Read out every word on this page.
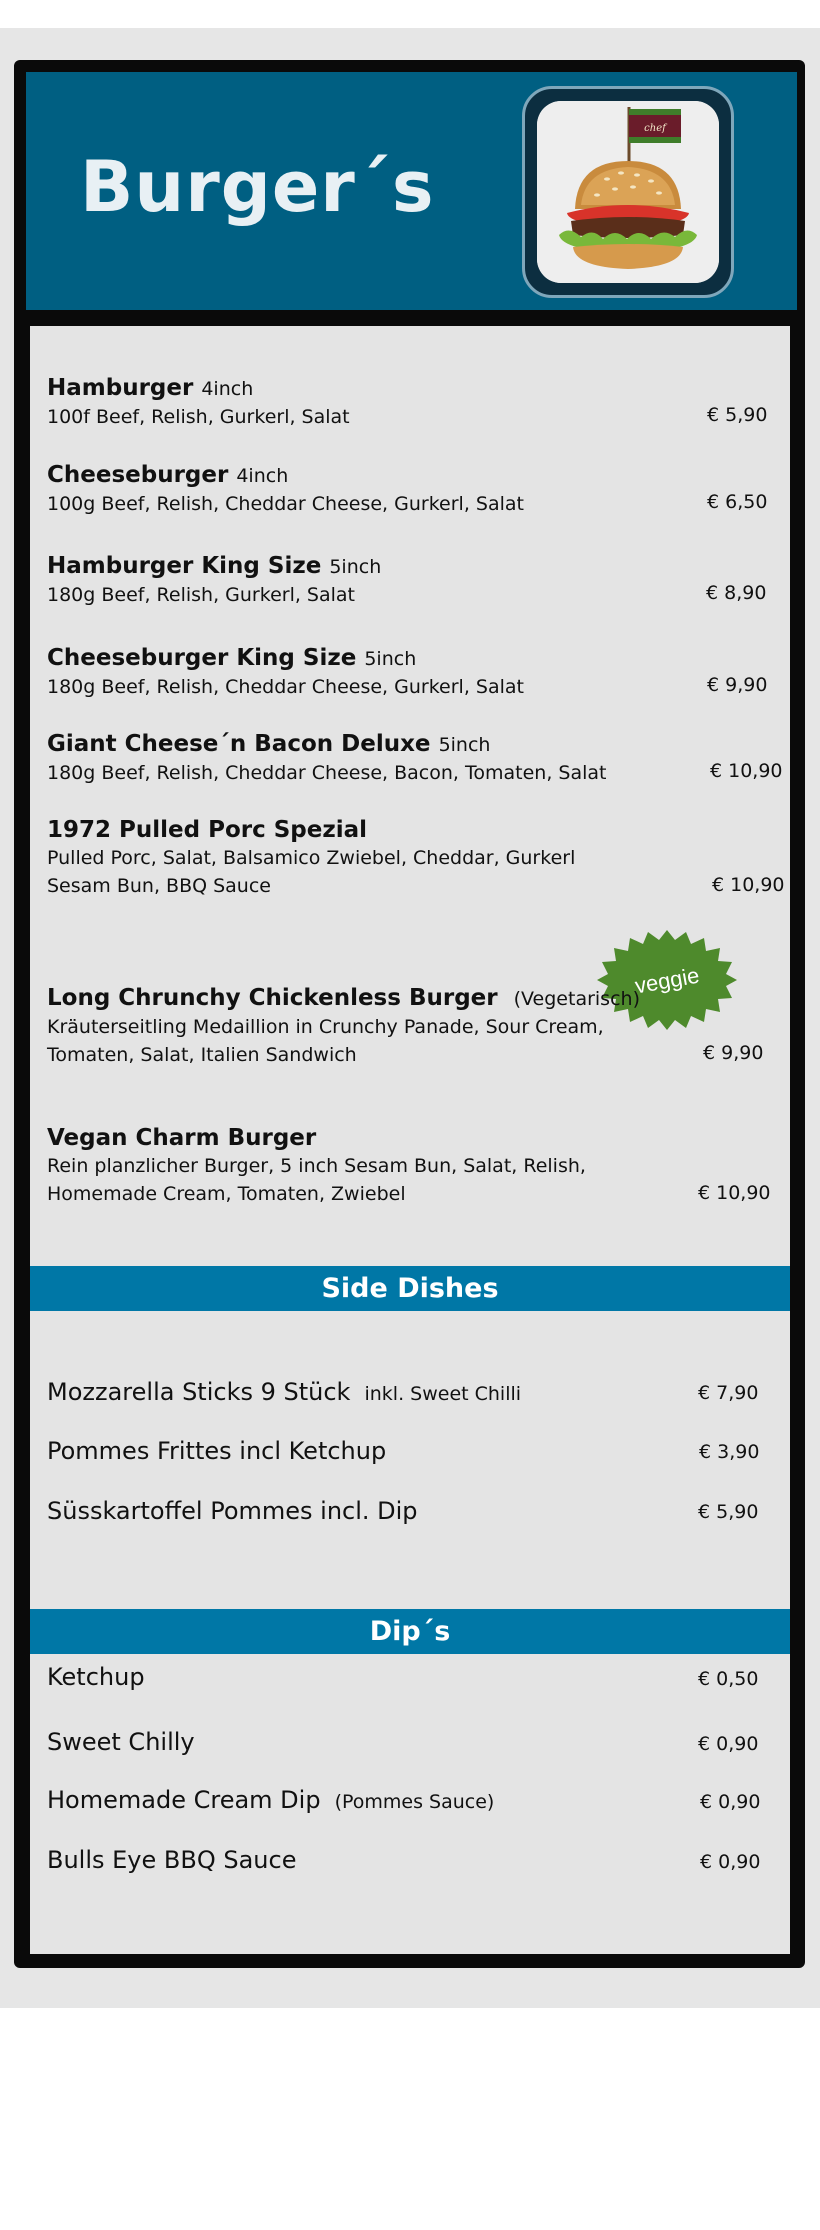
Burger´s
chef
Hamburger 4inch
100f Beef, Relish, Gurkerl, Salat	€ 5,90
Cheeseburger 4inch
100g Beef, Relish, Cheddar Cheese, Gurkerl, Salat	€ 6,50
Hamburger King Size 5inch
180g Beef, Relish, Gurkerl, Salat	€ 8,90
Cheeseburger King Size 5inch
180g Beef, Relish, Cheddar Cheese, Gurkerl, Salat	€ 9,90
Giant Cheese´n Bacon Deluxe 5inch
180g Beef, Relish, Cheddar Cheese, Bacon, Tomaten, Salat	€ 10,90
1972 Pulled Porc Spezial
Pulled Porc, Salat, Balsamico Zwiebel, Cheddar, Gurkerl
Sesam Bun, BBQ Sauce	€ 10,90
veggie
Long Chrunchy Chickenless Burger (Vegetarisch)
Kräuterseitling Medaillion in Crunchy Panade, Sour Cream,
Tomaten, Salat, Italien Sandwich	€ 9,90
Vegan Charm Burger
Rein planzlicher Burger, 5 inch Sesam Bun, Salat, Relish,
Homemade Cream, Tomaten, Zwiebel	€ 10,90
Side Dishes
Mozzarella Sticks 9 Stück inkl. Sweet Chilli	€ 7,90
Pommes Frittes incl Ketchup	€ 3,90
Süsskartoffel Pommes incl. Dip	€ 5,90
Dip´s
Ketchup	€ 0,50
Sweet Chilly	€ 0,90
Homemade Cream Dip (Pommes Sauce)	€ 0,90
Bulls Eye BBQ Sauce	€ 0,90
